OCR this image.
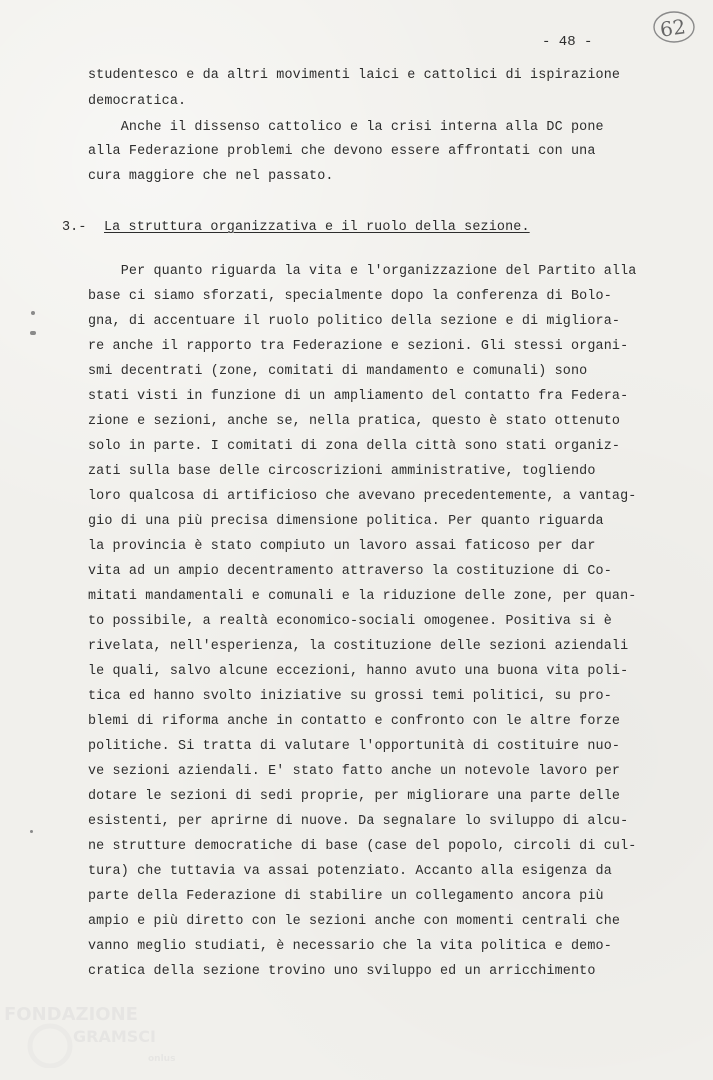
- 48 -
62
studentesco e da altri movimenti laici e cattolici di ispirazione
democratica.
Anche il dissenso cattolico e la crisi interna alla DC pone
alla Federazione problemi che devono essere affrontati con una
cura maggiore che nel passato.
3.- La struttura organizzativa e il ruolo della sezione.
Per quanto riguarda la vita e l'organizzazione del Partito alla
base ci siamo sforzati, specialmente dopo la conferenza di Bolo-
gna, di accentuare il ruolo politico della sezione e di migliora-
re anche il rapporto tra Federazione e sezioni. Gli stessi organi-
smi decentrati (zone, comitati di mandamento e comunali) sono
stati visti in funzione di un ampliamento del contatto fra Federa-
zione e sezioni, anche se, nella pratica, questo è stato ottenuto
solo in parte. I comitati di zona della città sono stati organiz-
zati sulla base delle circoscrizioni amministrative, togliendo
loro qualcosa di artificioso che avevano precedentemente, a vantag-
gio di una più precisa dimensione politica. Per quanto riguarda
la provincia è stato compiuto un lavoro assai faticoso per dar
vita ad un ampio decentramento attraverso la costituzione di Co-
mitati mandamentali e comunali e la riduzione delle zone, per quan-
to possibile, a realtà economico-sociali omogenee. Positiva si è
rivelata, nell'esperienza, la costituzione delle sezioni aziendali
le quali, salvo alcune eccezioni, hanno avuto una buona vita poli-
tica ed hanno svolto iniziative su grossi temi politici, su pro-
blemi di riforma anche in contatto e confronto con le altre forze
politiche. Si tratta di valutare l'opportunità di costituire nuo-
ve sezioni aziendali. E' stato fatto anche un notevole lavoro per
dotare le sezioni di sedi proprie, per migliorare una parte delle
esistenti, per aprirne di nuove. Da segnalare lo sviluppo di alcu-
ne strutture democratiche di base (case del popolo, circoli di cul-
tura) che tuttavia va assai potenziato. Accanto alla esigenza da
parte della Federazione di stabilire un collegamento ancora più
ampio e più diretto con le sezioni anche con momenti centrali che
vanno meglio studiati, è necessario che la vita politica e demo-
cratica della sezione trovino uno sviluppo ed un arricchimento
FONDAZIONE
GRAMSCI
onlus
